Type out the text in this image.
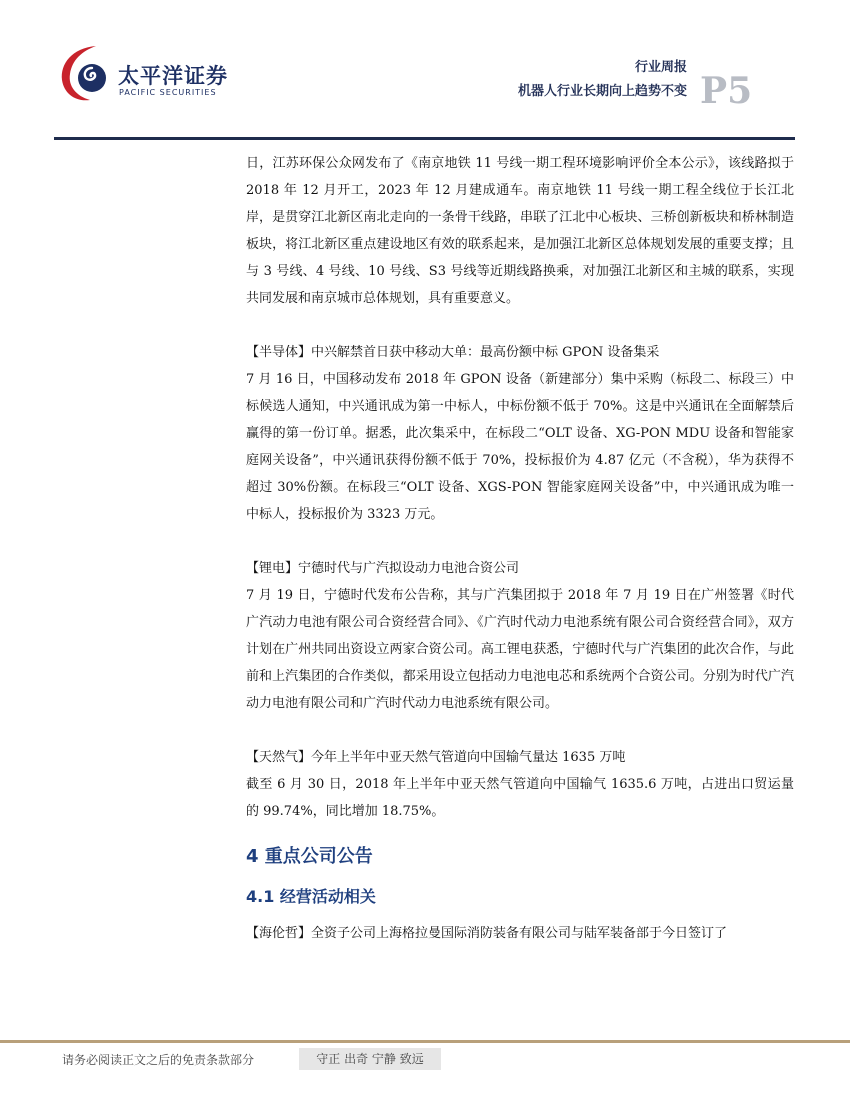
太平洋证券
PACIFIC SECURITIES
行业周报
机器人行业长期向上趋势不变 P5

日，江苏环保公众网发布了《南京地铁 11 号线一期工程环境影响评价全本公示》，该线路拟于 2018 年 12 月开工，2023 年 12 月建成通车。南京地铁 11 号线一期工程全线位于长江北岸，是贯穿江北新区南北走向的一条骨干线路，串联了江北中心板块、三桥创新板块和桥林制造板块，将江北新区重点建设地区有效的联系起来，是加强江北新区总体规划发展的重要支撑；且与 3 号线、4 号线、10 号线、S3 号线等近期线路换乘，对加强江北新区和主城的联系，实现共同发展和南京城市总体规划，具有重要意义。

【半导体】中兴解禁首日获中移动大单：最高份额中标 GPON 设备集采

7 月 16 日，中国移动发布 2018 年 GPON 设备（新建部分）集中采购（标段二、标段三）中标候选人通知，中兴通讯成为第一中标人，中标份额不低于 70%。这是中兴通讯在全面解禁后赢得的第一份订单。据悉，此次集采中，在标段二“OLT 设备、XG-PON MDU 设备和智能家庭网关设备”，中兴通讯获得份额不低于 70%，投标报价为 4.87 亿元（不含税），华为获得不超过 30%份额。在标段三“OLT 设备、XGS-PON 智能家庭网关设备”中，中兴通讯成为唯一中标人，投标报价为 3323 万元。

【锂电】宁德时代与广汽拟设动力电池合资公司

7 月 19 日，宁德时代发布公告称，其与广汽集团拟于 2018 年 7 月 19 日在广州签署《时代广汽动力电池有限公司合资经营合同》、《广汽时代动力电池系统有限公司合资经营合同》，双方计划在广州共同出资设立两家合资公司。高工锂电获悉，宁德时代与广汽集团的此次合作，与此前和上汽集团的合作类似，都采用设立包括动力电池电芯和系统两个合资公司。分别为时代广汽动力电池有限公司和广汽时代动力电池系统有限公司。

【天然气】今年上半年中亚天然气管道向中国输气量达 1635 万吨

截至 6 月 30 日，2018 年上半年中亚天然气管道向中国输气 1635.6 万吨，占进出口贸运量的 99.74%，同比增加 18.75%。

4 重点公司公告
4.1 经营活动相关

【海伦哲】全资子公司上海格拉曼国际消防装备有限公司与陆军装备部于今日签订了

请务必阅读正文之后的免责条款部分	守正 出奇 宁静 致远
